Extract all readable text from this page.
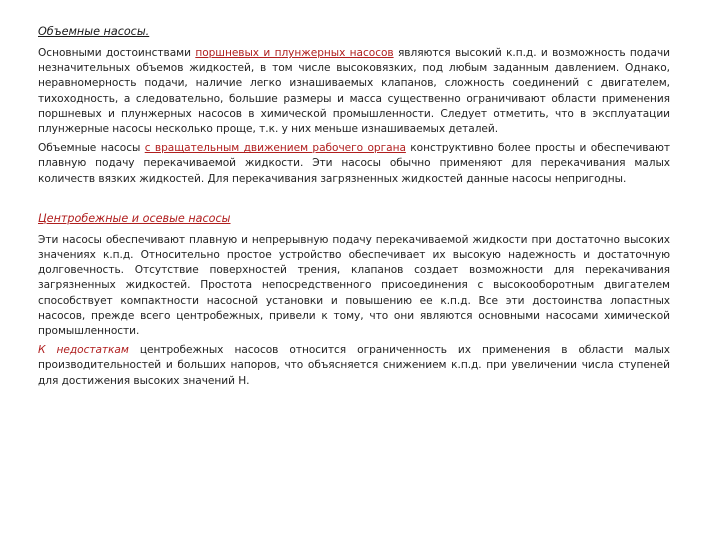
Объемные насосы.

Основными достоинствами поршневых и плунжерных насосов являются высокий к.п.д. и возможность подачи незначительных объемов жидкостей, в том числе высоковязких, под любым заданным давлением. Однако, неравномерность подачи, наличие легко изнашиваемых клапанов, сложность соединений с двигателем, тихоходность, а следовательно, большие размеры и масса существенно ограничивают области применения поршневых и плунжерных насосов в химической промышленности. Следует отметить, что в эксплуатации плунжерные насосы несколько проще, т.к. у них меньше изнашиваемых деталей.

Объемные насосы с вращательным движением рабочего органа конструктивно более просты и обеспечивают плавную подачу перекачиваемой жидкости. Эти насосы обычно применяют для перекачивания малых количеств вязких жидкостей. Для перекачивания загрязненных жидкостей данные насосы непригодны.

Центробежные и осевые насосы

Эти насосы обеспечивают плавную и непрерывную подачу перекачиваемой жидкости при достаточно высоких значениях к.п.д. Относительно простое устройство обеспечивает их высокую надежность и достаточную долговечность. Отсутствие поверхностей трения, клапанов создает возможности для перекачивания загрязненных жидкостей. Простота непосредственного присоединения с высокооборотным двигателем способствует компактности насосной установки и повышению ее к.п.д. Все эти достоинства лопастных насосов, прежде всего центробежных, привели к тому, что они являются основными насосами химической промышленности.

К недостаткам центробежных насосов относится ограниченность их применения в области малых производительностей и больших напоров, что объясняется снижением к.п.д. при увеличении числа ступеней для достижения высоких значений Н.
